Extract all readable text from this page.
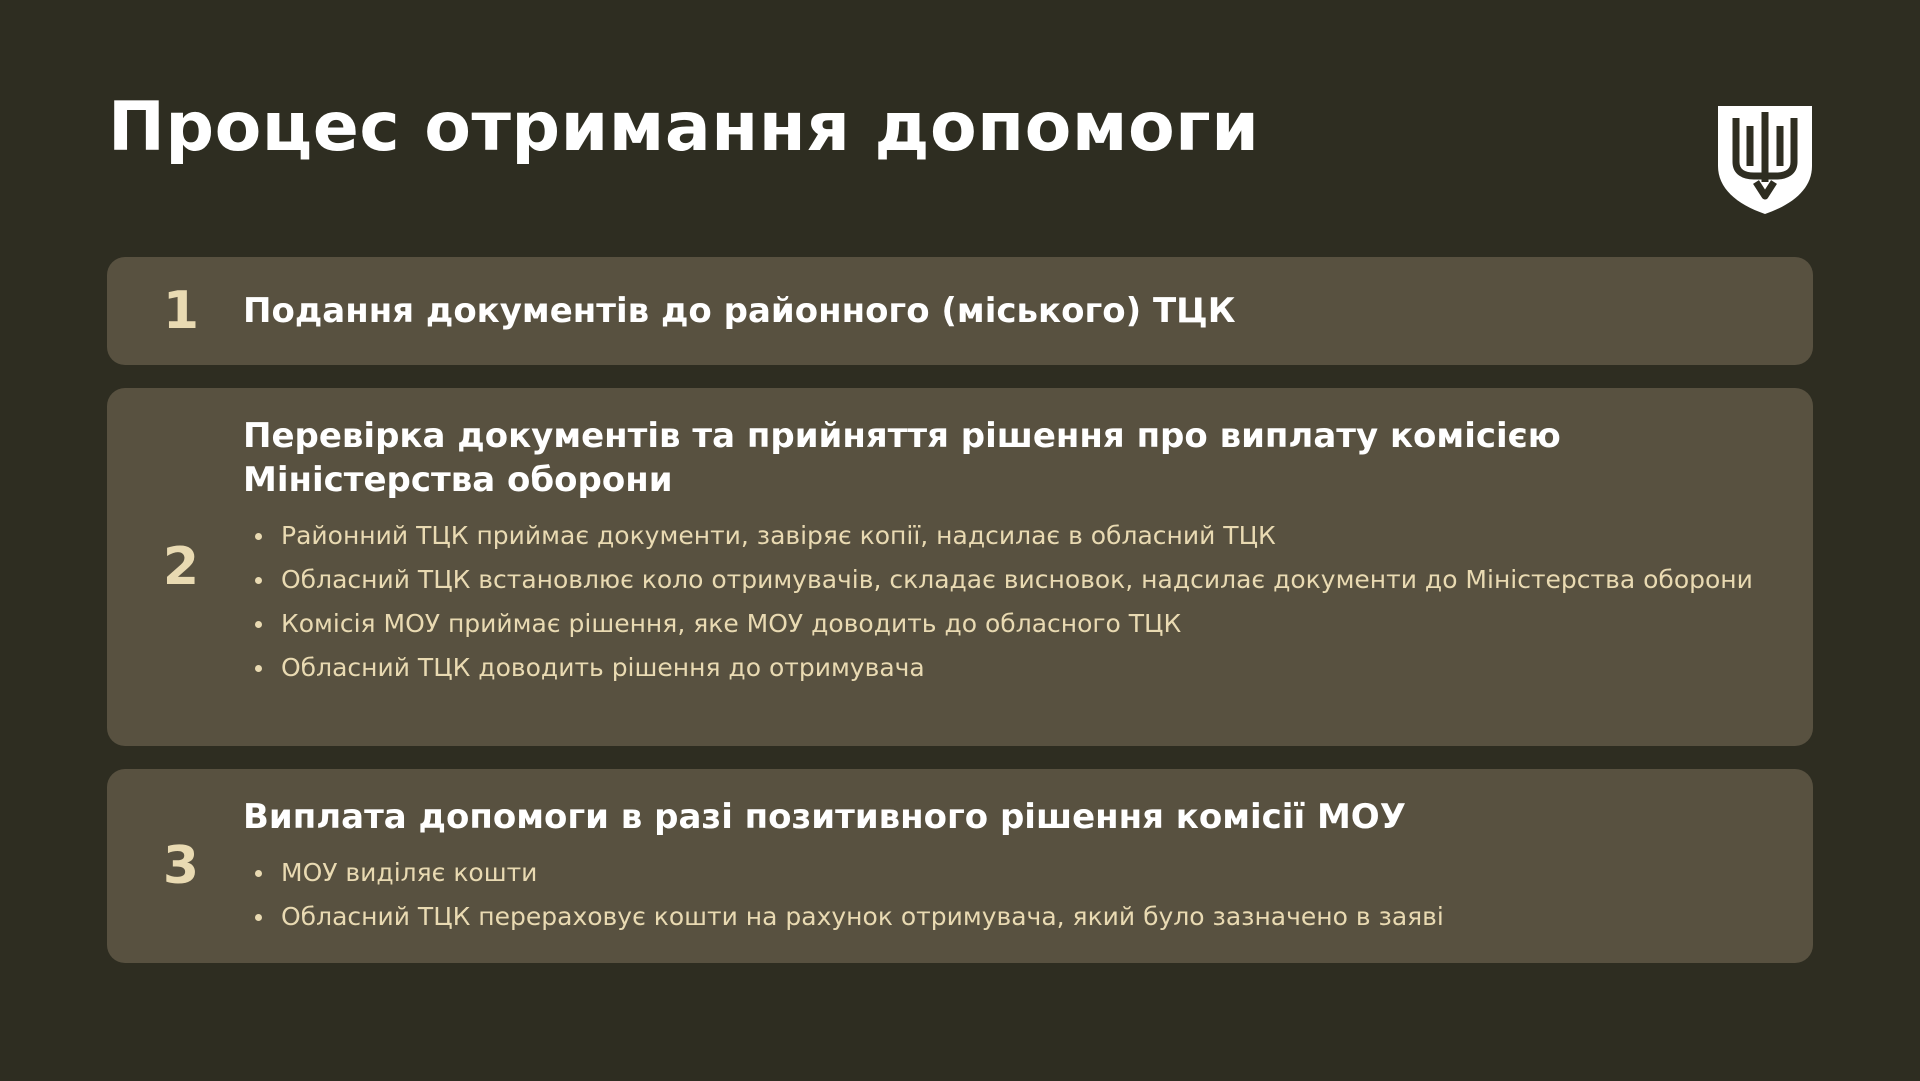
Процес отримання допомоги
1	Подання документів до районного (міського) ТЦК
2
Перевірка документів та прийняття рішення про виплату комісією Міністерства оборони
Районний ТЦК приймає документи, завіряє копії, надсилає в обласний ТЦК
Обласний ТЦК встановлює коло отримувачів, складає висновок, надсилає документи до Міністерства оборони
Комісія МОУ приймає рішення, яке МОУ доводить до обласного ТЦК
Обласний ТЦК доводить рішення до отримувача
3
Виплата допомоги в разі позитивного рішення комісії МОУ
МОУ виділяє кошти
Обласний ТЦК перераховує кошти на рахунок отримувача, який було зазначено в заяві
